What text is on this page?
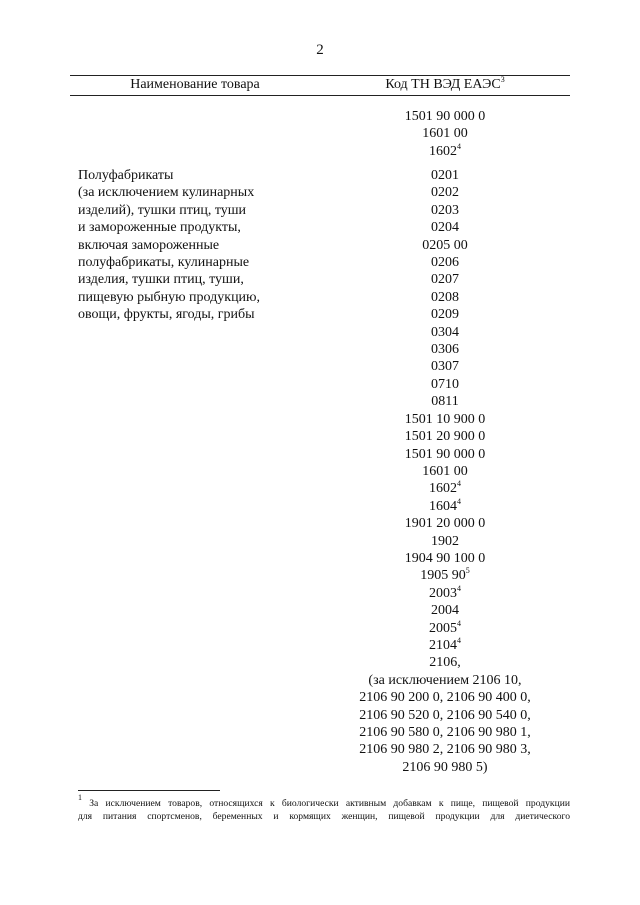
2
Наименование товара	Код ТН ВЭД ЕАЭС$^3$
1501 90 000 0
1601 00
1602$^4$
Полуфабрикаты
(за исключением кулинарных
изделий), тушки птиц, туши
и замороженные продукты,
включая замороженные
полуфабрикаты, кулинарные
изделия, тушки птиц, туши,
пищевую рыбную продукцию,
овощи, фрукты, ягоды, грибы
0201
0202
0203
0204
0205 00
0206
0207
0208
0209
0304
0306
0307
0710
0811
1501 10 900 0
1501 20 900 0
1501 90 000 0
1601 00
1602$^4$
1604$^4$
1901 20 000 0
1902
1904 90 100 0
1905 $90^5$
2003$^4$
2004
2005$^4$
2104$^4$
2106,
(за исключением 2106 10,
2106 90 200 0, 2106 90 400 0,
2106 90 520 0, 2106 90 540 0,
2106 90 580 0, 2106 90 980 1,
2106 90 980 2, 2106 90 980 3,
2106 90 980 5)
$^1$ За исключением товаров, относящихся к биологически активным добавкам к пище, пищевой продукции
для питания спортсменов, беременных и кормящих женщин, пищевой продукции для диетического
